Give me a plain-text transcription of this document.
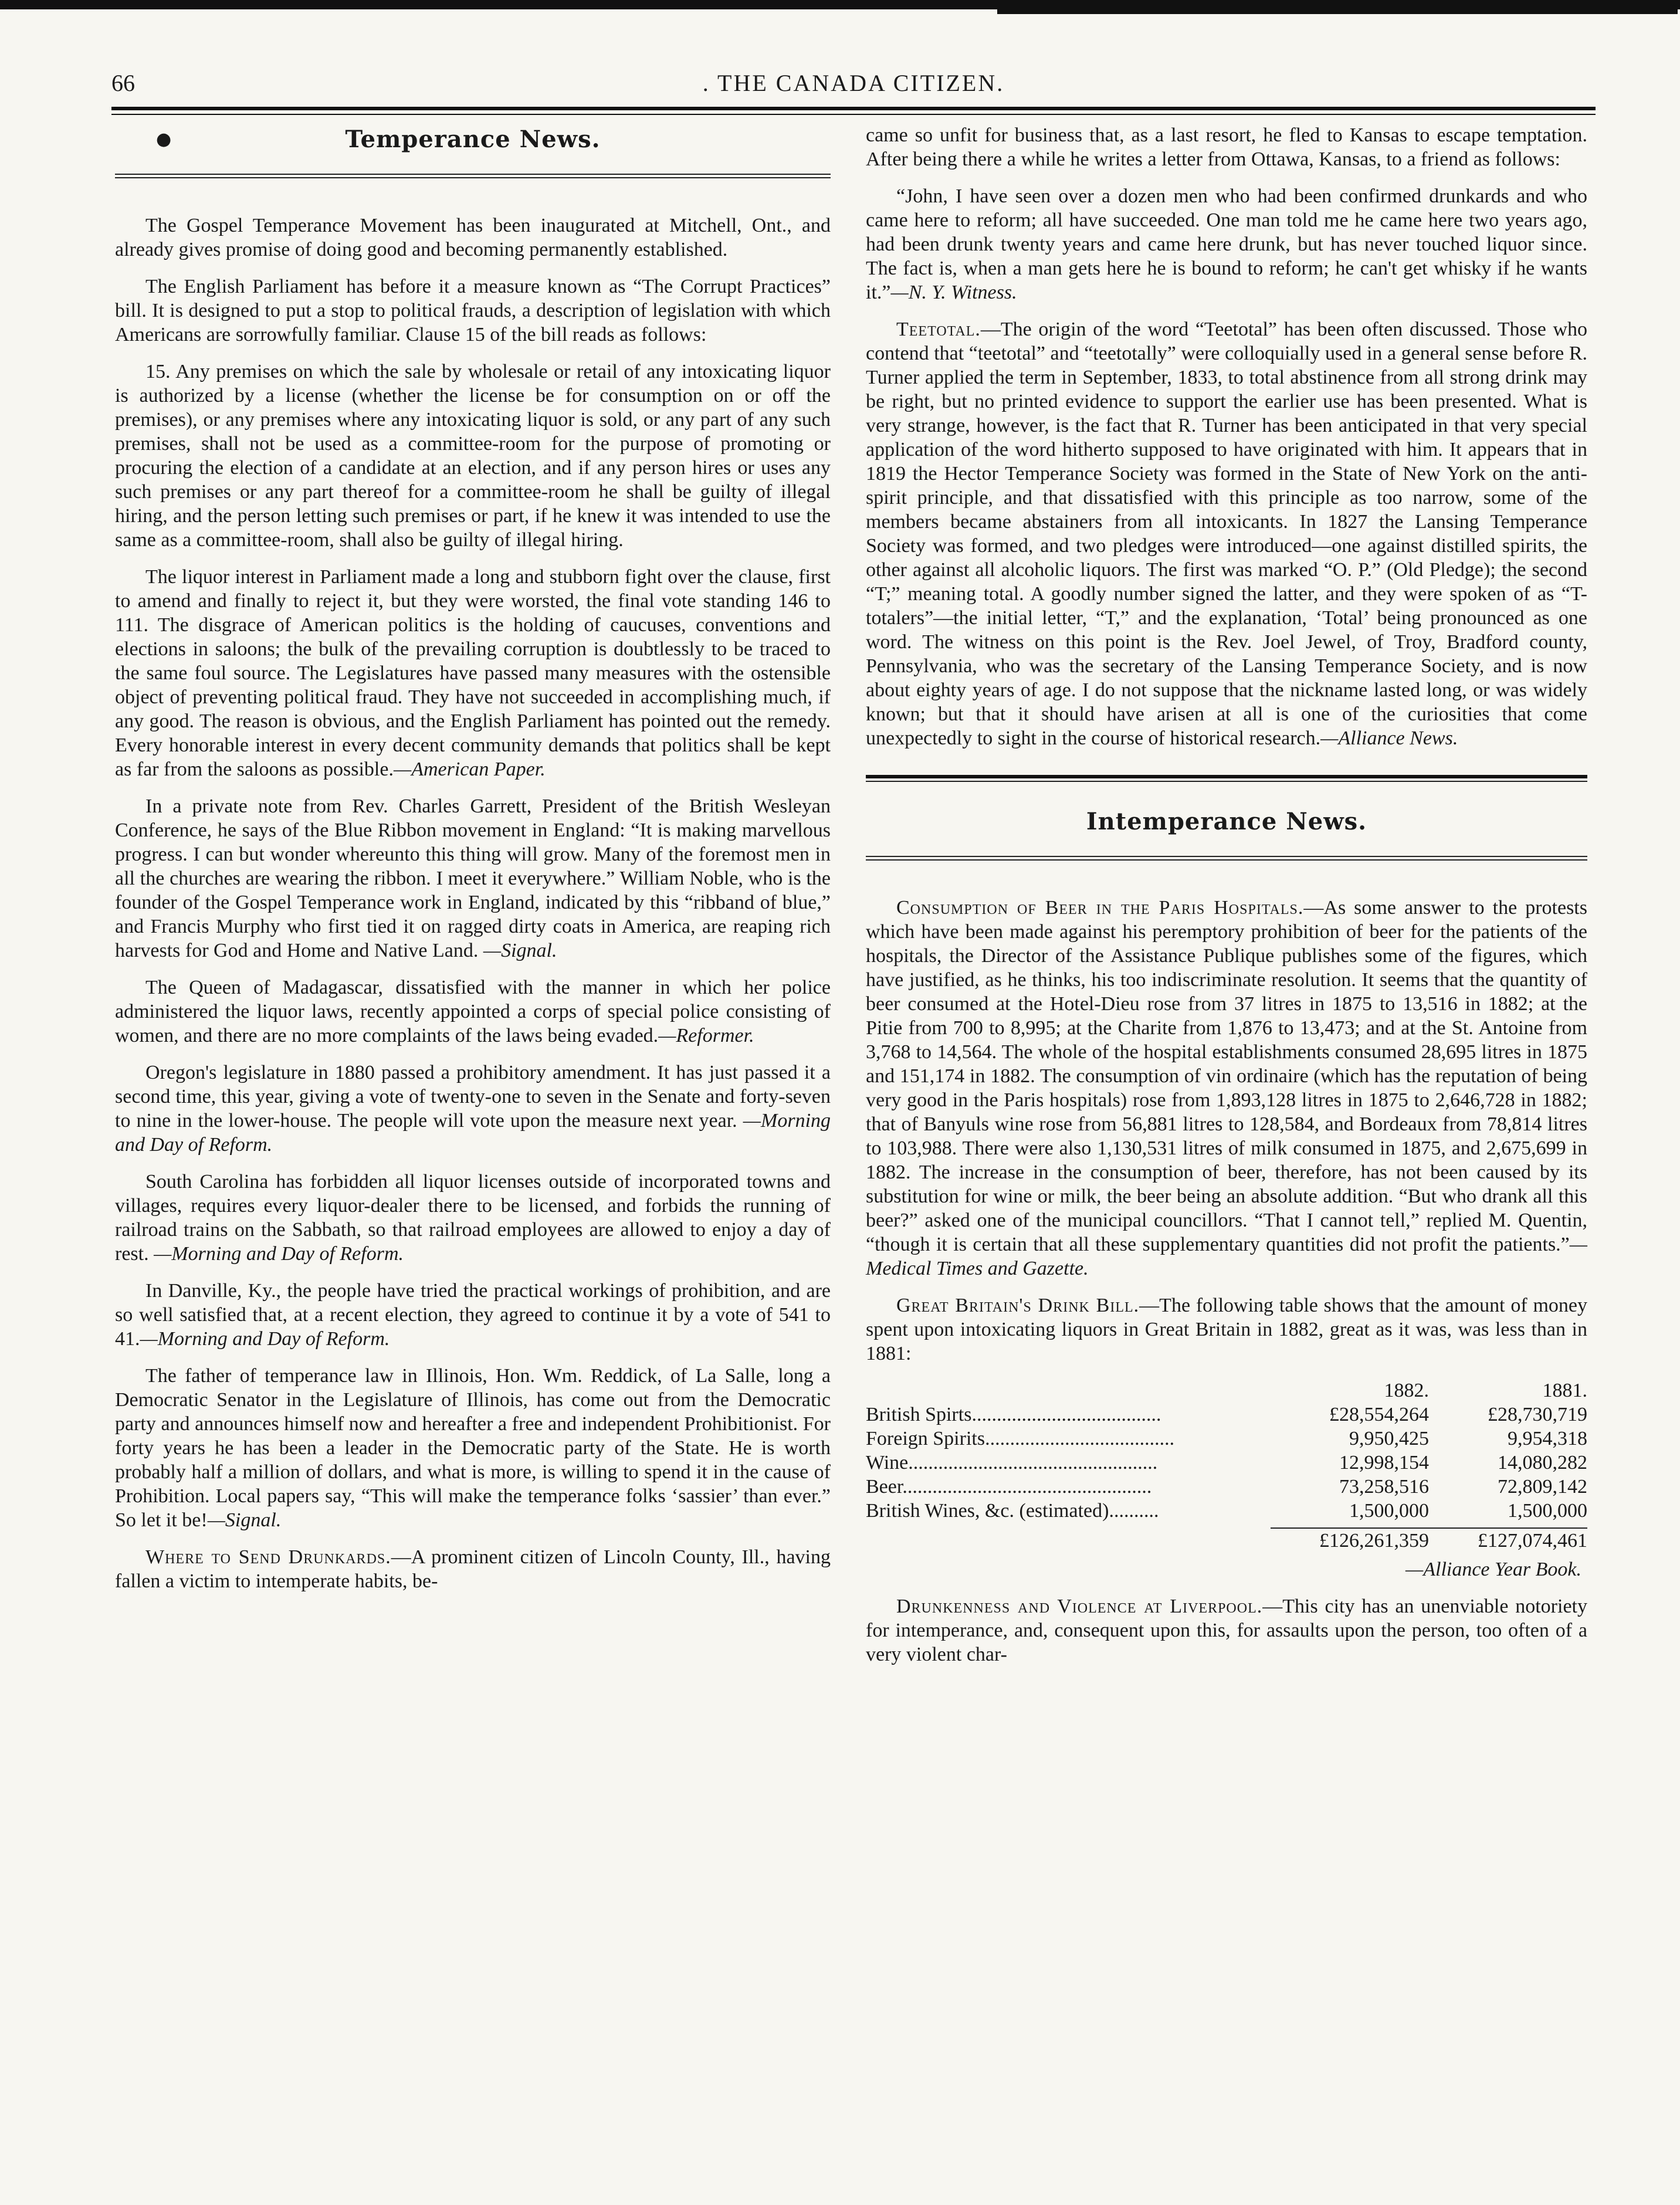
66	. THE CANADA CITIZEN.
●	Temperance News.

The Gospel Temperance Movement has been inaugurated at Mitchell, Ont., and already gives promise of doing good and becoming permanently established.

The English Parliament has before it a measure known as “The Corrupt Practices” bill. It is designed to put a stop to political frauds, a description of legislation with which Americans are sorrowfully familiar. Clause 15 of the bill reads as follows:

15. Any premises on which the sale by wholesale or retail of any intoxicating liquor is authorized by a license (whether the license be for consumption on or off the premises), or any premises where any intoxicating liquor is sold, or any part of any such premises, shall not be used as a committee-room for the purpose of promoting or procuring the election of a candidate at an election, and if any person hires or uses any such premises or any part thereof for a committee-room he shall be guilty of illegal hiring, and the person letting such premises or part, if he knew it was intended to use the same as a committee-room, shall also be guilty of illegal hiring.

The liquor interest in Parliament made a long and stubborn fight over the clause, first to amend and finally to reject it, but they were worsted, the final vote standing 146 to 111. The disgrace of American politics is the holding of caucuses, conventions and elections in saloons; the bulk of the prevailing corruption is doubtlessly to be traced to the same foul source. The Legislatures have passed many measures with the ostensible object of preventing political fraud. They have not succeeded in accomplishing much, if any good. The reason is obvious, and the English Parliament has pointed out the remedy. Every honorable interest in every decent community demands that politics shall be kept as far from the saloons as possible.—American Paper.

In a private note from Rev. Charles Garrett, President of the British Wesleyan Conference, he says of the Blue Ribbon movement in England: “It is making marvellous progress. I can but wonder whereunto this thing will grow. Many of the foremost men in all the churches are wearing the ribbon. I meet it everywhere.” William Noble, who is the founder of the Gospel Temperance work in England, indicated by this “ribband of blue,” and Francis Murphy who first tied it on ragged dirty coats in America, are reaping rich harvests for God and Home and Native Land. —Signal.

The Queen of Madagascar, dissatisfied with the manner in which her police administered the liquor laws, recently appointed a corps of special police consisting of women, and there are no more complaints of the laws being evaded.—Reformer.

Oregon's legislature in 1880 passed a prohibitory amendment. It has just passed it a second time, this year, giving a vote of twenty-one to seven in the Senate and forty-seven to nine in the lower-house. The people will vote upon the measure next year. —Morning and Day of Reform.

South Carolina has forbidden all liquor licenses outside of incorporated towns and villages, requires every liquor-dealer there to be licensed, and forbids the running of railroad trains on the Sabbath, so that railroad employees are allowed to enjoy a day of rest. —Morning and Day of Reform.

In Danville, Ky., the people have tried the practical workings of prohibition, and are so well satisfied that, at a recent election, they agreed to continue it by a vote of 541 to 41.—Morning and Day of Reform.

The father of temperance law in Illinois, Hon. Wm. Reddick, of La Salle, long a Democratic Senator in the Legislature of Illinois, has come out from the Democratic party and announces himself now and hereafter a free and independent Prohibitionist. For forty years he has been a leader in the Democratic party of the State. He is worth probably half a million of dollars, and what is more, is willing to spend it in the cause of Prohibition. Local papers say, “This will make the temperance folks ‘sassier’ than ever.” So let it be!—Signal.

Where to Send Drunkards.—A prominent citizen of Lincoln County, Ill., having fallen a victim to intemperate habits, be-

came so unfit for business that, as a last resort, he fled to Kansas to escape temptation. After being there a while he writes a letter from Ottawa, Kansas, to a friend as follows:

“John, I have seen over a dozen men who had been confirmed drunkards and who came here to reform; all have succeeded. One man told me he came here two years ago, had been drunk twenty years and came here drunk, but has never touched liquor since. The fact is, when a man gets here he is bound to reform; he can't get whisky if he wants it.”—N. Y. Witness.

Teetotal.—The origin of the word “Teetotal” has been often discussed. Those who contend that “teetotal” and “teetotally” were colloquially used in a general sense before R. Turner applied the term in September, 1833, to total abstinence from all strong drink may be right, but no printed evidence to support the earlier use has been presented. What is very strange, however, is the fact that R. Turner has been anticipated in that very special application of the word hitherto supposed to have originated with him. It appears that in 1819 the Hector Temperance Society was formed in the State of New York on the anti-spirit principle, and that dissatisfied with this principle as too narrow, some of the members became abstainers from all intoxicants. In 1827 the Lansing Temperance Society was formed, and two pledges were introduced—one against distilled spirits, the other against all alcoholic liquors. The first was marked “O. P.” (Old Pledge); the second “T;” meaning total. A goodly number signed the latter, and they were spoken of as “T-totalers”—the initial letter, “T,” and the explanation, ‘Total’ being pronounced as one word. The witness on this point is the Rev. Joel Jewel, of Troy, Bradford county, Pennsylvania, who was the secretary of the Lansing Temperance Society, and is now about eighty years of age. I do not suppose that the nickname lasted long, or was widely known; but that it should have arisen at all is one of the curiosities that come unexpectedly to sight in the course of historical research.—Alliance News.

Intemperance News.

Consumption of Beer in the Paris Hospitals.—As some answer to the protests which have been made against his peremptory prohibition of beer for the patients of the hospitals, the Director of the Assistance Publique publishes some of the figures, which have justified, as he thinks, his too indiscriminate resolution. It seems that the quantity of beer consumed at the Hotel-Dieu rose from 37 litres in 1875 to 13,516 in 1882; at the Pitie from 700 to 8,995; at the Charite from 1,876 to 13,473; and at the St. Antoine from 3,768 to 14,564. The whole of the hospital establishments consumed 28,695 litres in 1875 and 151,174 in 1882. The consumption of vin ordinaire (which has the reputation of being very good in the Paris hospitals) rose from 1,893,128 litres in 1875 to 2,646,728 in 1882; that of Banyuls wine rose from 56,881 litres to 128,584, and Bordeaux from 78,814 litres to 103,988. There were also 1,130,531 litres of milk consumed in 1875, and 2,675,699 in 1882. The increase in the consumption of beer, therefore, has not been caused by its substitution for wine or milk, the beer being an absolute addition. “But who drank all this beer?” asked one of the municipal councillors. “That I cannot tell,” replied M. Quentin, “though it is certain that all these supplementary quantities did not profit the patients.”—Medical Times and Gazette.

Great Britain's Drink Bill.—The following table shows that the amount of money spent upon intoxicating liquors in Great Britain in 1882, great as it was, was less than in 1881:

	1882.	1881.
British Spirts......................................	£28,554,264	£28,730,719
Foreign Spirits......................................	9,950,425	9,954,318
Wine..................................................	12,998,154	14,080,282
Beer..................................................	73,258,516	72,809,142
British Wines, &c. (estimated)..........	1,500,000	1,500,000
	£126,261,359	£127,074,461
—Alliance Year Book.

Drunkenness and Violence at Liverpool.—This city has an unenviable notoriety for intemperance, and, consequent upon this, for assaults upon the person, too often of a very violent char-
